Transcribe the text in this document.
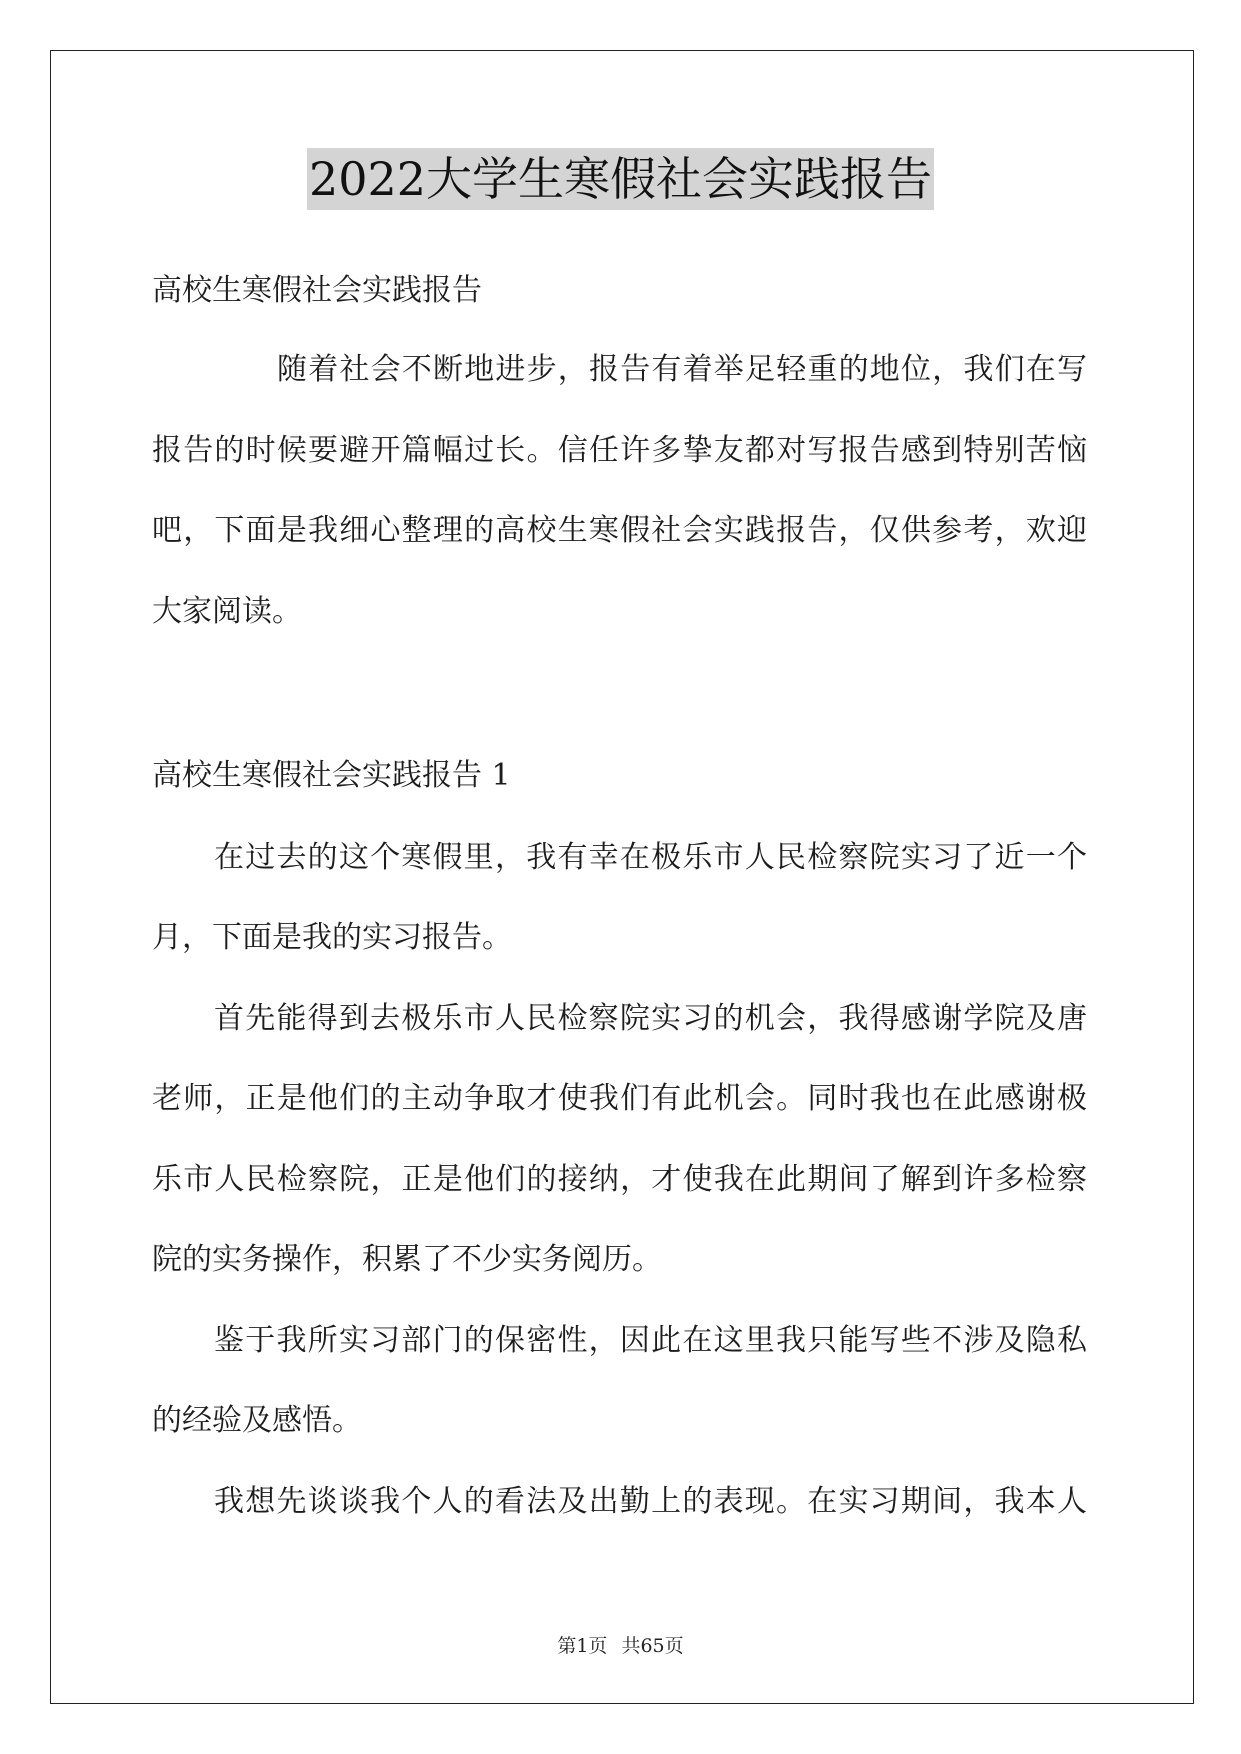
2022大学生寒假社会实践报告
高校生寒假社会实践报告
随着社会不断地进步，报告有着举足轻重的地位，我们在写
报告的时候要避开篇幅过长。信任许多挚友都对写报告感到特别苦恼
吧，下面是我细心整理的高校生寒假社会实践报告，仅供参考，欢迎
大家阅读。
高校生寒假社会实践报告 1
在过去的这个寒假里，我有幸在极乐市人民检察院实习了近一个
月，下面是我的实习报告。
首先能得到去极乐市人民检察院实习的机会，我得感谢学院及唐
老师，正是他们的主动争取才使我们有此机会。同时我也在此感谢极
乐市人民检察院，正是他们的接纳，才使我在此期间了解到许多检察
院的实务操作，积累了不少实务阅历。
鉴于我所实习部门的保密性，因此在这里我只能写些不涉及隐私
的经验及感悟。
我想先谈谈我个人的看法及出勤上的表现。在实习期间，我本人
第1页 共65页
